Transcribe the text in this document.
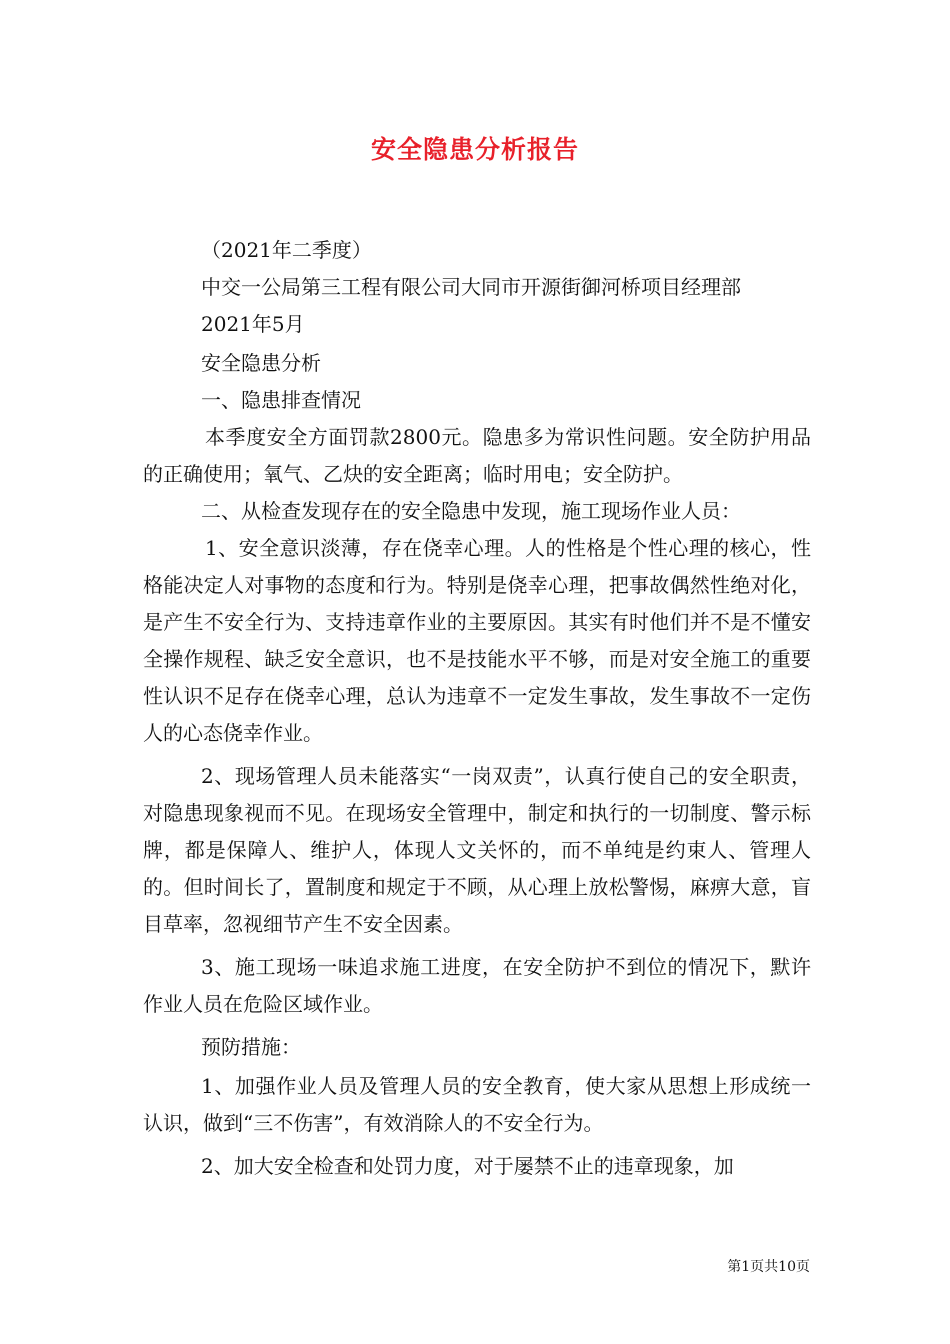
安全隐患分析报告

（2021年二季度）

中交一公局第三工程有限公司大同市开源街御河桥项目经理部

2021年5月

安全隐患分析

一、隐患排查情况

本季度安全方面罚款2800元。隐患多为常识性问题。安全防护用品的正确使用；氧气、乙炔的安全距离；临时用电；安全防护。

二、从检查发现存在的安全隐患中发现，施工现场作业人员：

1、安全意识淡薄，存在侥幸心理。人的性格是个性心理的核心，性格能决定人对事物的态度和行为。特别是侥幸心理，把事故偶然性绝对化，是产生不安全行为、支持违章作业的主要原因。其实有时他们并不是不懂安全操作规程、缺乏安全意识，也不是技能水平不够，而是对安全施工的重要性认识不足存在侥幸心理，总认为违章不一定发生事故，发生事故不一定伤人的心态侥幸作业。

2、现场管理人员未能落实“一岗双责”，认真行使自己的安全职责，对隐患现象视而不见。在现场安全管理中，制定和执行的一切制度、警示标牌，都是保障人、维护人，体现人文关怀的，而不单纯是约束人、管理人的。但时间长了，置制度和规定于不顾，从心理上放松警惕，麻痹大意，盲目草率，忽视细节产生不安全因素。

3、施工现场一味追求施工进度，在安全防护不到位的情况下，默许作业人员在危险区域作业。

预防措施：

1、加强作业人员及管理人员的安全教育，使大家从思想上形成统一认识，做到“三不伤害”，有效消除人的不安全行为。

2、加大安全检查和处罚力度，对于屡禁不止的违章现象，加

第1页共10页
